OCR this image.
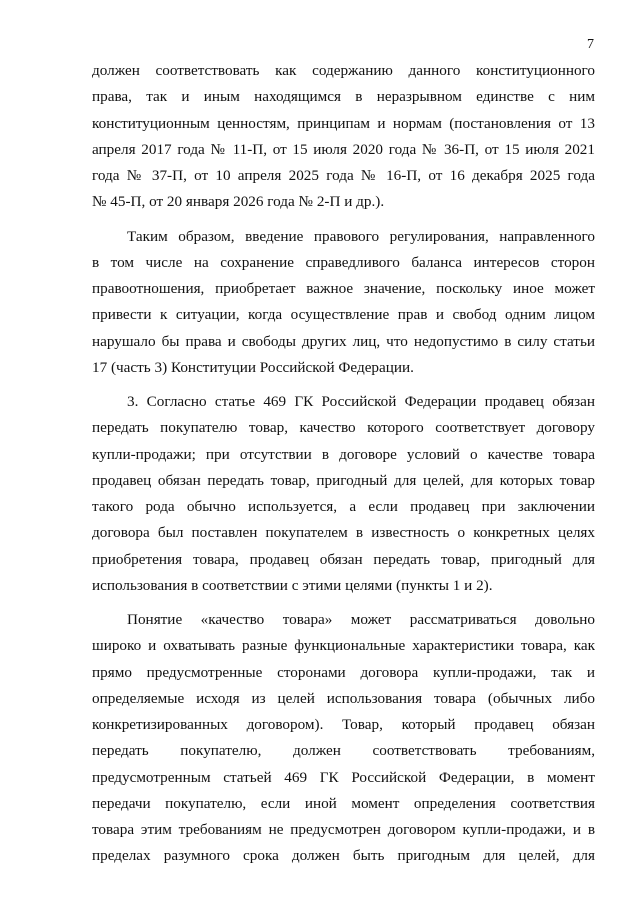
7
должен соответствовать как содержанию данного конституционного
права, так и иным находящимся в неразрывном единстве с ним
конституционным ценностям, принципам и нормам (постановления от 13
апреля 2017 года № 11-П, от 15 июля 2020 года № 36-П, от 15 июля 2021
года № 37-П, от 10 апреля 2025 года № 16-П, от 16 декабря 2025 года
№ 45-П, от 20 января 2026 года № 2-П и др.).
Таким образом, введение правового регулирования, направленного
в том числе на сохранение справедливого баланса интересов сторон
правоотношения, приобретает важное значение, поскольку иное может
привести к ситуации, когда осуществление прав и свобод одним лицом
нарушало бы права и свободы других лиц, что недопустимо в силу статьи
17 (часть 3) Конституции Российской Федерации.
3. Согласно статье 469 ГК Российской Федерации продавец обязан
передать покупателю товар, качество которого соответствует договору
купли-продажи; при отсутствии в договоре условий о качестве товара
продавец обязан передать товар, пригодный для целей, для которых товар
такого рода обычно используется, а если продавец при заключении
договора был поставлен покупателем в известность о конкретных целях
приобретения товара, продавец обязан передать товар, пригодный для
использования в соответствии с этими целями (пункты 1 и 2).
Понятие «качество товара» может рассматриваться довольно
широко и охватывать разные функциональные характеристики товара, как
прямо предусмотренные сторонами договора купли-продажи, так и
определяемые исходя из целей использования товара (обычных либо
конкретизированных договором). Товар, который продавец обязан
передать покупателю, должен соответствовать требованиям,
предусмотренным статьей 469 ГК Российской Федерации, в момент
передачи покупателю, если иной момент определения соответствия
товара этим требованиям не предусмотрен договором купли-продажи, и в
пределах разумного срока должен быть пригодным для целей, для
